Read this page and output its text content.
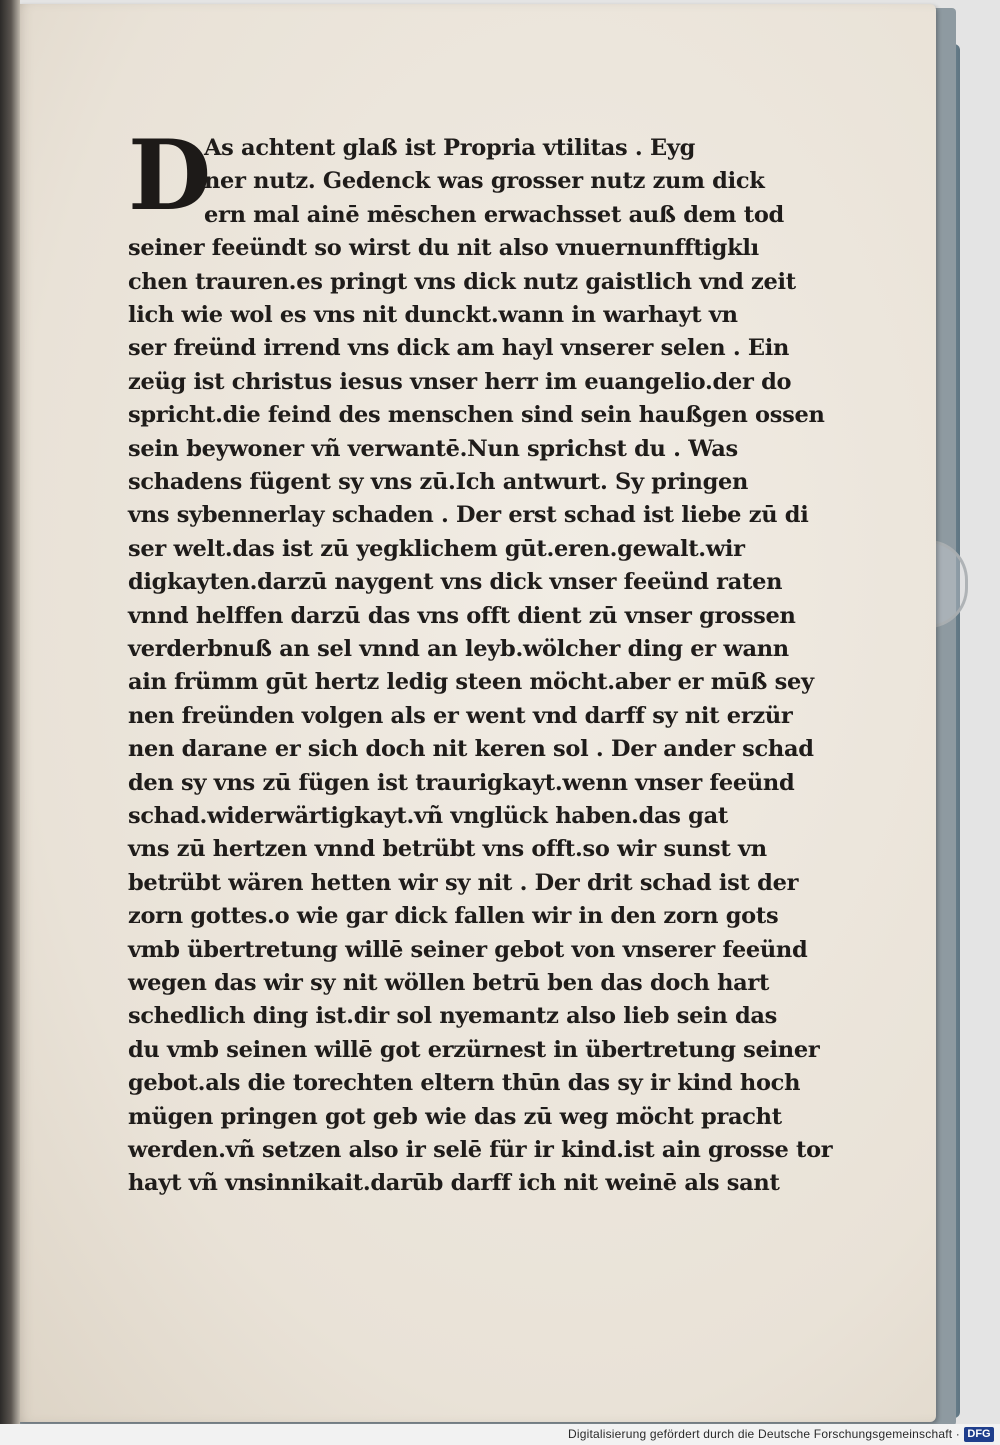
D
As achtent glaß ist Propria vtilitas . Eyg
ner nutz. Gedenck was grosser nutz zum dick
ern mal ainē mēschen erwachsset auß dem tod
seiner feeündt so wirst du nit also vnuernunfftigklı
chen trauren.es pringt vns dick nutz gaistlich vnd zeit
lich wie wol es vns nit dunckt.wann in warhayt vn
ser freünd irrend vns dick am hayl vnserer selen . Ein
zeüg ist christus iesus vnser herr im euangelio.der do
spricht.die feind des menschen sind sein haußgen ossen
sein beywoner vñ verwantē.Nun sprichst du . Was
schadens fügent sy vns zū.Ich antwurt. Sy pringen
vns sybennerlay schaden . Der erst schad ist liebe zū di
ser welt.das ist zū yegklichem gūt.eren.gewalt.wir
digkayten.darzū naygent vns dick vnser feeünd raten
vnnd helffen darzū das vns offt dient zū vnser grossen
verderbnuß an sel vnnd an leyb.wölcher ding er wann
ain frümm gūt hertz ledig steen möcht.aber er mūß sey
nen freünden volgen als er went vnd darff sy nit erzür
nen darane er sich doch nit keren sol . Der ander schad
den sy vns zū fügen ist traurigkayt.wenn vnser feeünd
schad.widerwärtigkayt.vñ vnglück haben.das gat
vns zū hertzen vnnd betrübt vns offt.so wir sunst vn
betrübt wären hetten wir sy nit . Der drit schad ist der
zorn gottes.o wie gar dick fallen wir in den zorn gots
vmb übertretung willē seiner gebot von vnserer feeünd
wegen das wir sy nit wöllen betrū ben das doch hart
schedlich ding ist.dir sol nyemantz also lieb sein das
du vmb seinen willē got erzürnest in übertretung seiner
gebot.als die torechten eltern thūn das sy ir kind hoch
mügen pringen got geb wie das zū weg möcht pracht
werden.vñ setzen also ir selē für ir kind.ist ain grosse tor
hayt vñ vnsinnikait.darūb darff ich nit weinē als sant
Digitalisierung gefördert durch die Deutsche Forschungsgemeinschaft · DFG
